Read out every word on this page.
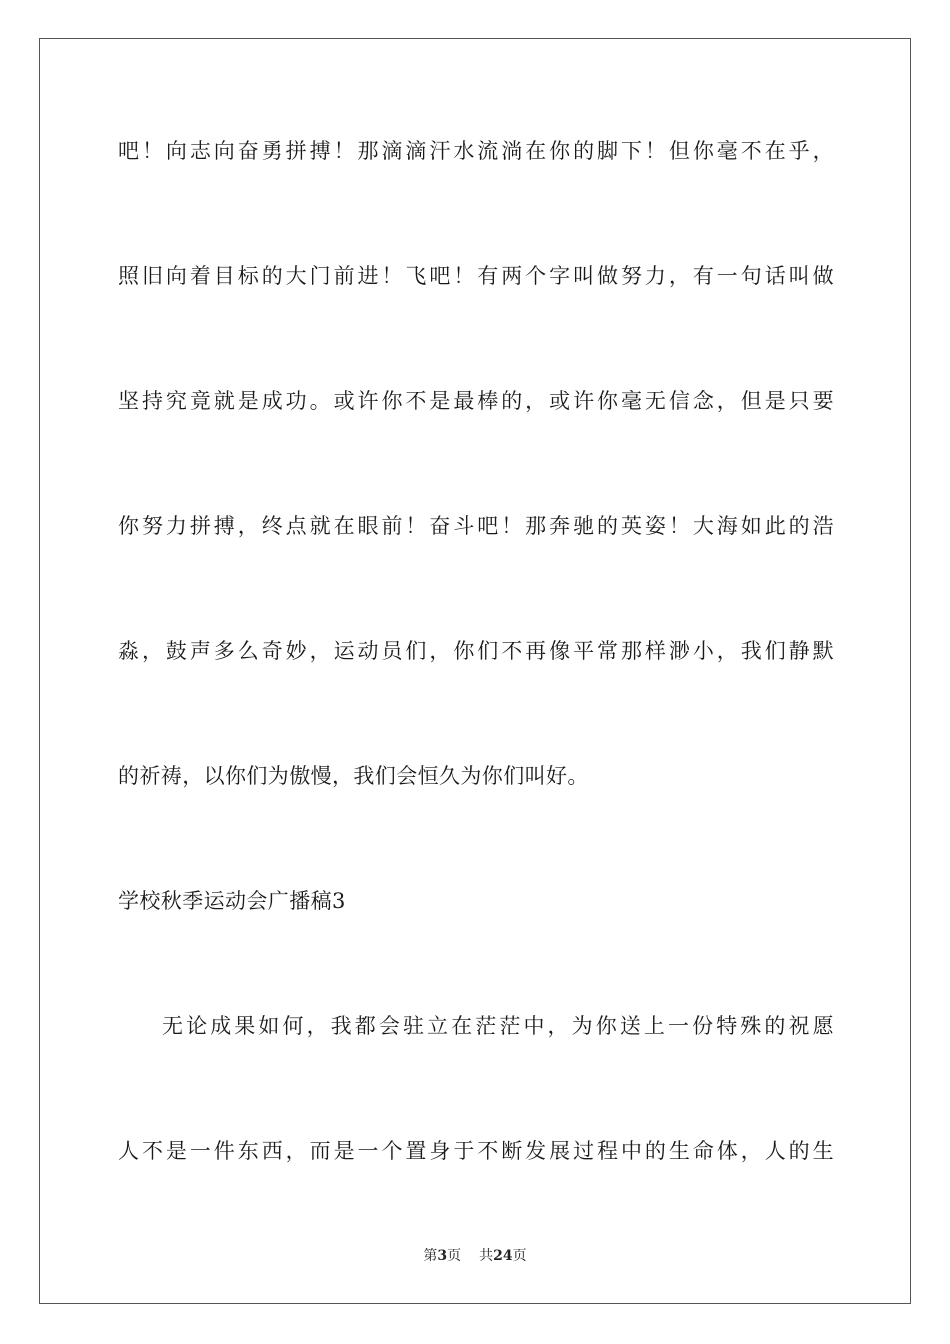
吧！向志向奋勇拼搏！那滴滴汗水流淌在你的脚下！但你毫不在乎，
照旧向着目标的大门前进！飞吧！有两个字叫做努力，有一句话叫做
坚持究竟就是成功。或许你不是最棒的，或许你毫无信念，但是只要
你努力拼搏，终点就在眼前！奋斗吧！那奔驰的英姿！大海如此的浩
淼，鼓声多么奇妙，运动员们，你们不再像平常那样渺小，我们静默
的祈祷，以你们为傲慢，我们会恒久为你们叫好。
学校秋季运动会广播稿3
无论成果如何，我都会驻立在茫茫中，为你送上一份特殊的祝愿
人不是一件东西，而是一个置身于不断发展过程中的生命体，人的生
第3页 共24页
